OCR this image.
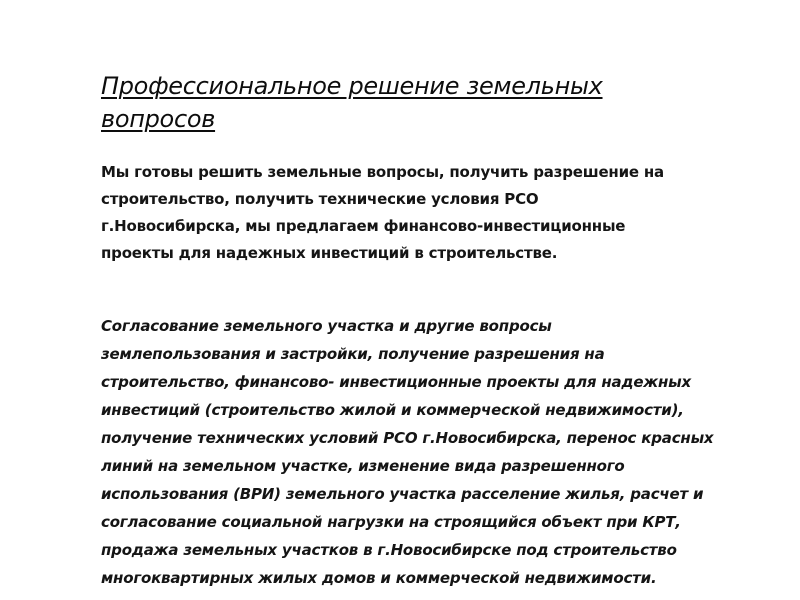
Профессиональное решение земельных
вопросов

Мы готовы решить земельные вопросы, получить разрешение на
строительство, получить технические условия РСО
г.Новосибирска, мы предлагаем финансово-инвестиционные
проекты для надежных инвестиций в строительстве.

Согласование земельного участка и другие вопросы
землепользования и застройки, получение разрешения на
строительство, финансово- инвестиционные проекты для надежных
инвестиций (строительство жилой и коммерческой недвижимости),
получение технических условий РСО г.Новосибирска, перенос красных
линий на земельном участке, изменение вида разрешенного
использования (ВРИ) земельного участка расселение жилья, расчет и
согласование социальной нагрузки на строящийся объект при КРТ,
продажа земельных участков в г.Новосибирске под строительство
многоквартирных жилых домов и коммерческой недвижимости.
